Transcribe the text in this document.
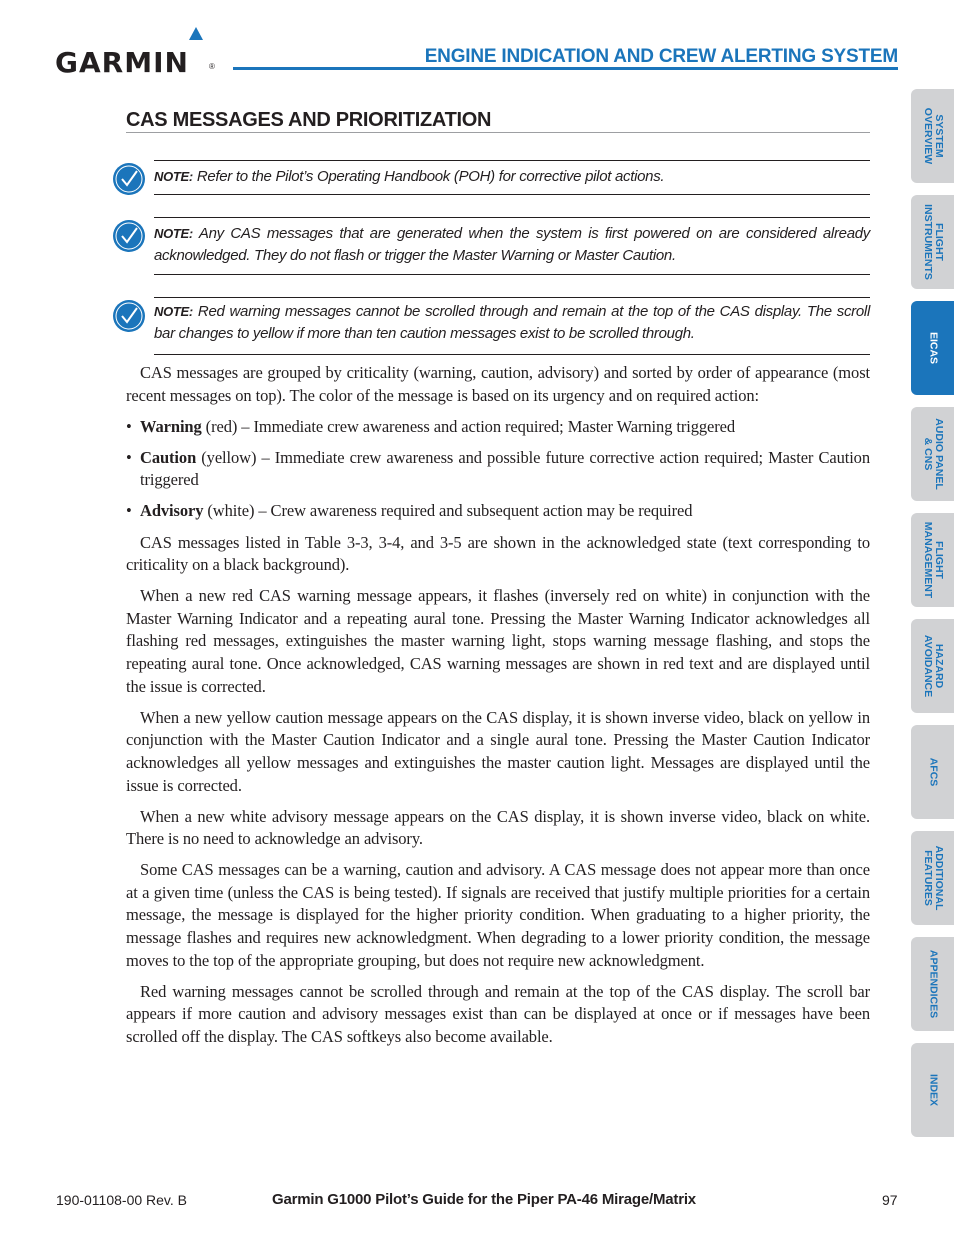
GARMIN	®	ENGINE INDICATION AND CREW ALERTING SYSTEM
CAS MESSAGES AND PRIORITIZATION
NOTE: Refer to the Pilot’s Operating Handbook (POH) for corrective pilot actions.
NOTE: Any CAS messages that are generated when the system is first powered on are considered already acknowledged. They do not flash or trigger the Master Warning or Master Caution.
NOTE: Red warning messages cannot be scrolled through and remain at the top of the CAS display. The scroll bar changes to yellow if more than ten caution messages exist to be scrolled through.

CAS messages are grouped by criticality (warning, caution, advisory) and sorted by order of appearance (most recent messages on top). The color of the message is based on its urgency and on required action:

• Warning (red) – Immediate crew awareness and action required; Master Warning triggered

• Caution (yellow) – Immediate crew awareness and possible future corrective action required; Master Caution triggered

• Advisory (white) – Crew awareness required and subsequent action may be required

CAS messages listed in Table 3-3, 3-4, and 3-5 are shown in the acknowledged state (text corresponding to criticality on a black background).

When a new red CAS warning message appears, it flashes (inversely red on white) in conjunction with the Master Warning Indicator and a repeating aural tone. Pressing the Master Warning Indicator acknowledges all flashing red messages, extinguishes the master warning light, stops warning message flashing, and stops the repeating aural tone. Once acknowledged, CAS warning messages are shown in red text and are displayed until the issue is corrected.

When a new yellow caution message appears on the CAS display, it is shown inverse video, black on yellow in conjunction with the Master Caution Indicator and a single aural tone. Pressing the Master Caution Indicator acknowledges all yellow messages and extinguishes the master caution light. Messages are displayed until the issue is corrected.

When a new white advisory message appears on the CAS display, it is shown inverse video, black on white. There is no need to acknowledge an advisory.

Some CAS messages can be a warning, caution and advisory. A CAS message does not appear more than once at a given time (unless the CAS is being tested). If signals are received that justify multiple priorities for a certain message, the message is displayed for the higher priority condition. When graduating to a higher priority, the message flashes and requires new acknowledgment. When degrading to a lower priority condition, the message moves to the top of the appropriate grouping, but does not require new acknowledgment.

Red warning messages cannot be scrolled through and remain at the top of the CAS display. The scroll bar appears if more caution and advisory messages exist than can be displayed at once or if messages have been scrolled off the display. The CAS softkeys also become available.

SYSTEM
OVERVIEW
FLIGHT
INSTRUMENTS
EICAS
AUDIO PANEL
& CNS
FLIGHT
MANAGEMENT
HAZARD
AVOIDANCE
AFCS
ADDITIONAL
FEATURES
APPENDICES
INDEX
190-01108-00 Rev. B	Garmin G1000 Pilot’s Guide for the Piper PA-46 Mirage/Matrix	97
